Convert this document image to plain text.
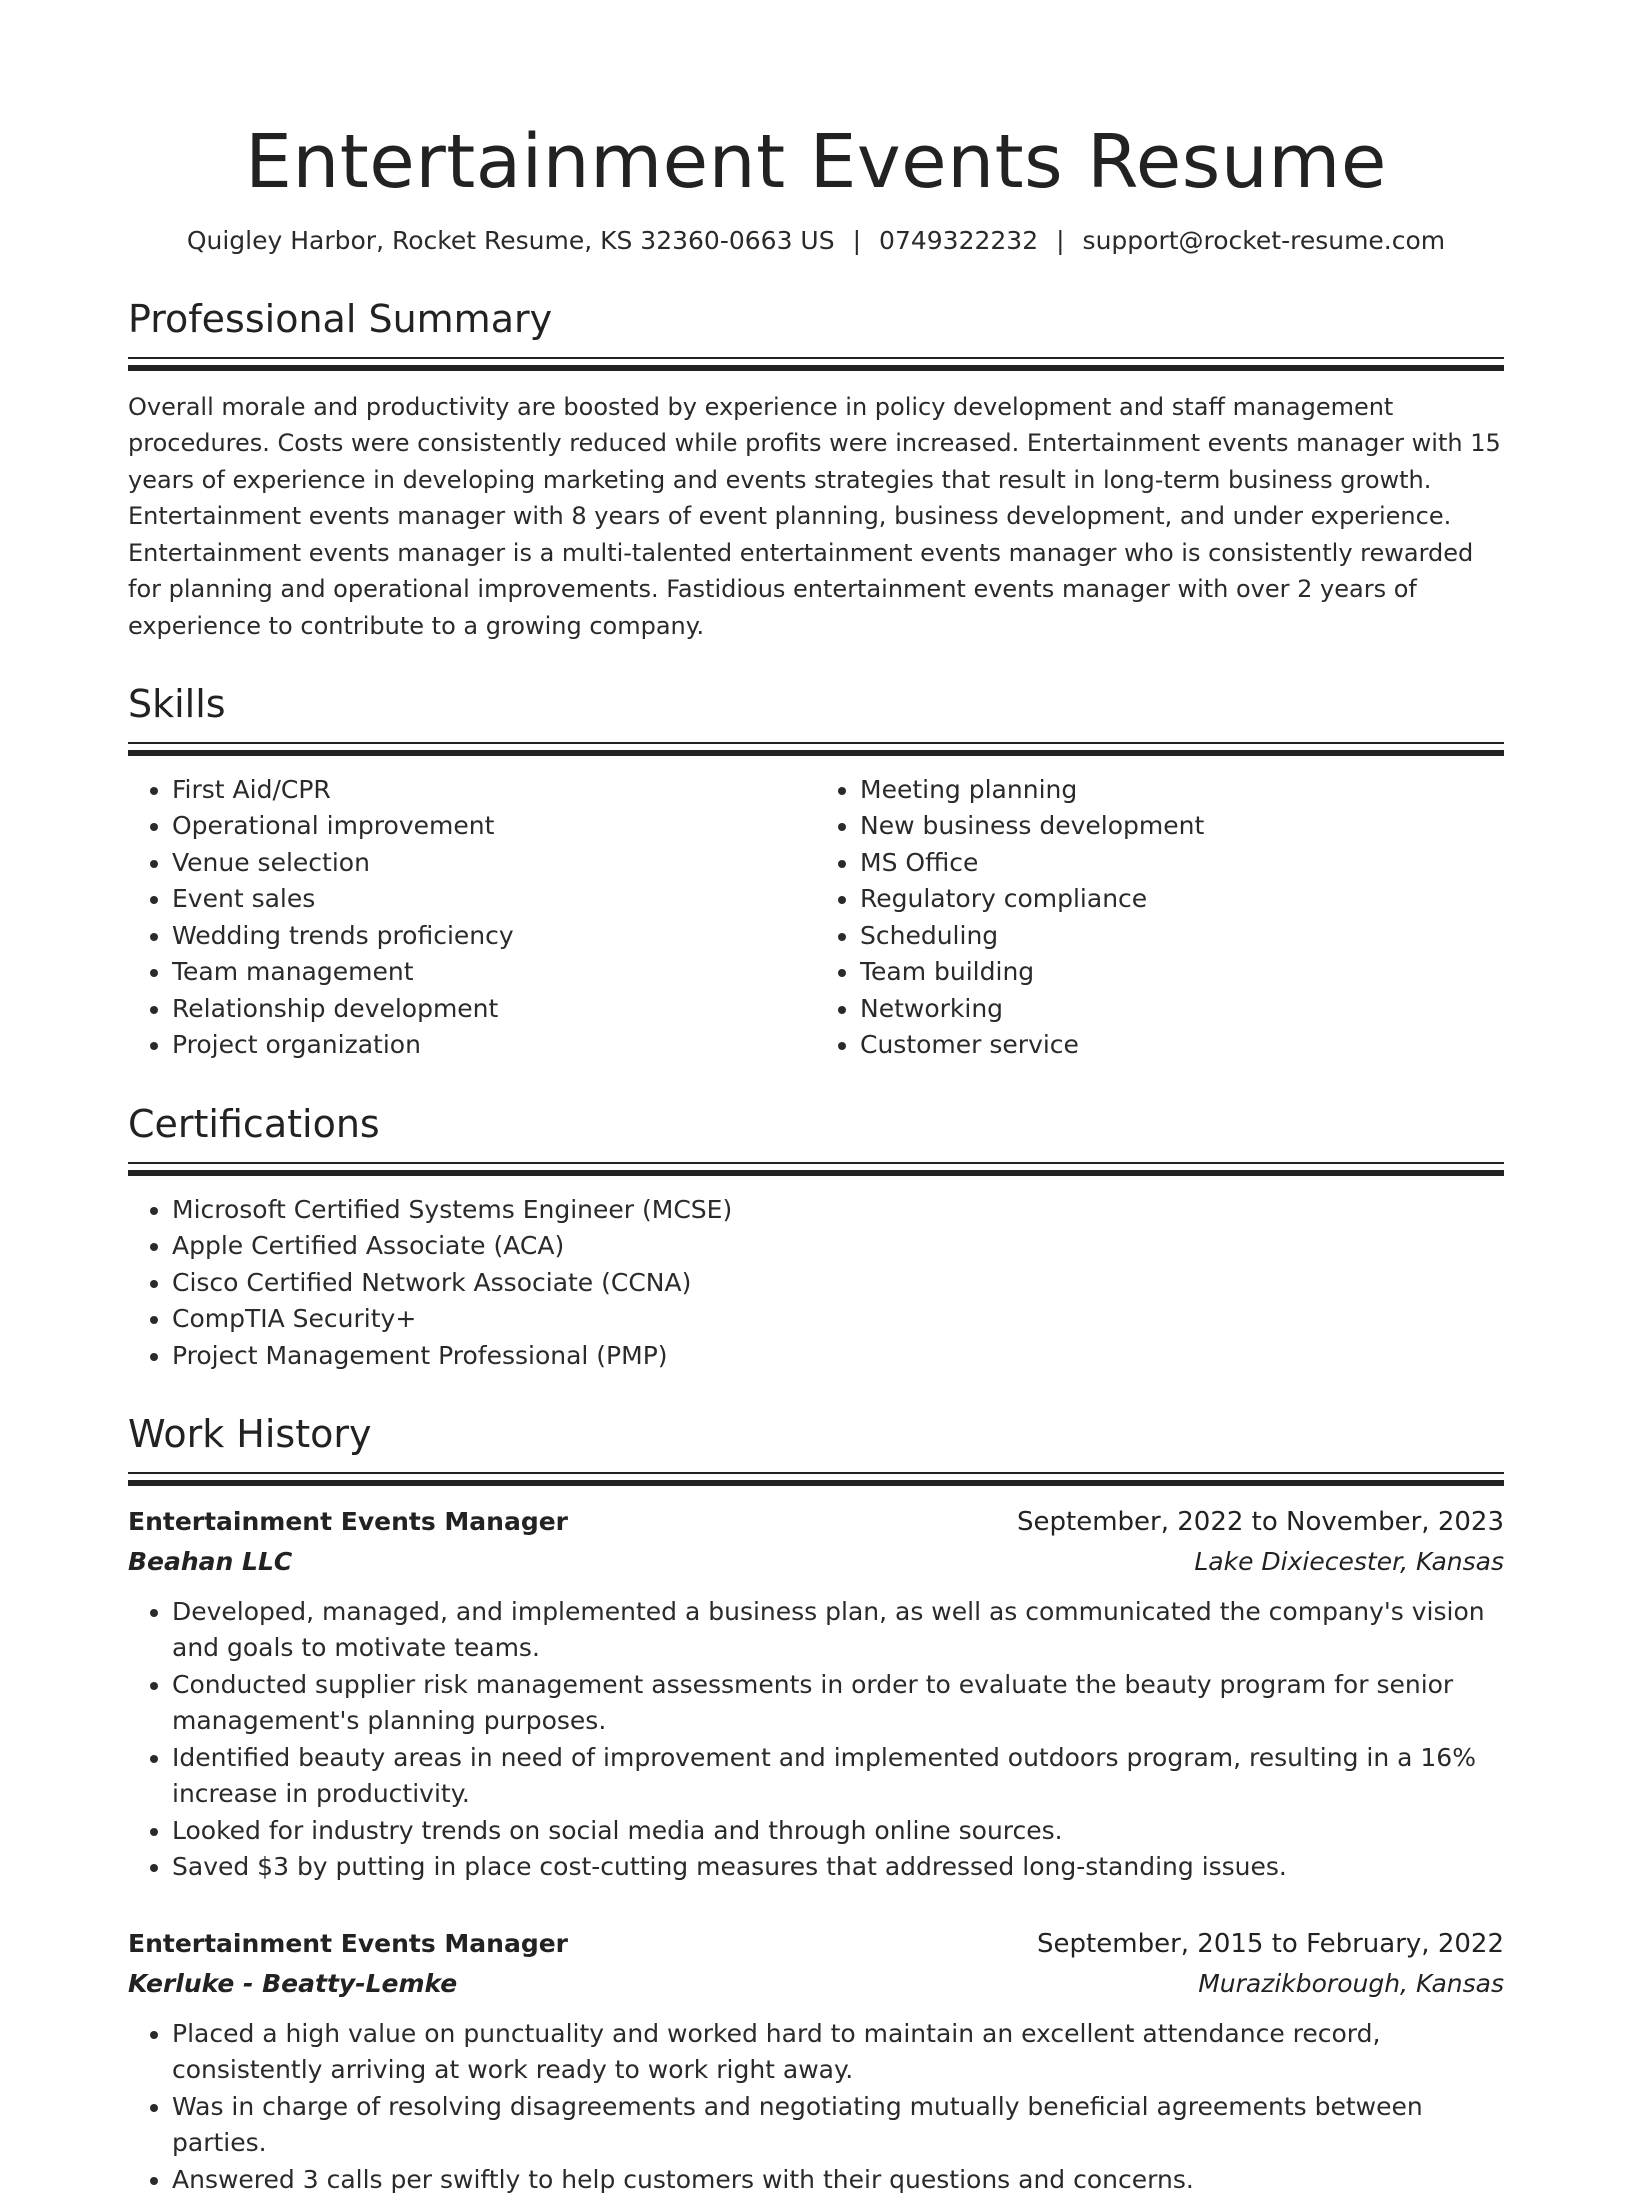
Entertainment Events Resume
Quigley Harbor, Rocket Resume, KS 32360-0663 US | 0749322232 | support@rocket-resume.com
Professional Summary

Overall morale and productivity are boosted by experience in policy development and staff management procedures. Costs were consistently reduced while profits were increased. Entertainment events manager with 15 years of experience in developing marketing and events strategies that result in long-term business growth. Entertainment events manager with 8 years of event planning, business development, and under experience. Entertainment events manager is a multi-talented entertainment events manager who is consistently rewarded for planning and operational improvements. Fastidious entertainment events manager with over 2 years of experience to contribute to a growing company.

Skills
• First Aid/CPR
• Operational improvement
• Venue selection
• Event sales
• Wedding trends proficiency
• Team management
• Relationship development
• Project organization
• Meeting planning
• New business development
• MS Office
• Regulatory compliance
• Scheduling
• Team building
• Networking
• Customer service
Certifications
• Microsoft Certified Systems Engineer (MCSE)
• Apple Certified Associate (ACA)
• Cisco Certified Network Associate (CCNA)
• CompTIA Security+
• Project Management Professional (PMP)
Work History
Entertainment Events Manager	September, 2022 to November, 2023
Beahan LLC	Lake Dixiecester, Kansas
• Developed, managed, and implemented a business plan, as well as communicated the company's vision and goals to motivate teams.
• Conducted supplier risk management assessments in order to evaluate the beauty program for senior management's planning purposes.
• Identified beauty areas in need of improvement and implemented outdoors program, resulting in a 16% increase in productivity.
• Looked for industry trends on social media and through online sources.
• Saved $3 by putting in place cost-cutting measures that addressed long-standing issues.
Entertainment Events Manager	September, 2015 to February, 2022
Kerluke - Beatty-Lemke	Murazikborough, Kansas
• Placed a high value on punctuality and worked hard to maintain an excellent attendance record, consistently arriving at work ready to work right away.
• Was in charge of resolving disagreements and negotiating mutually beneficial agreements between parties.
• Answered 3 calls per swiftly to help customers with their questions and concerns.
